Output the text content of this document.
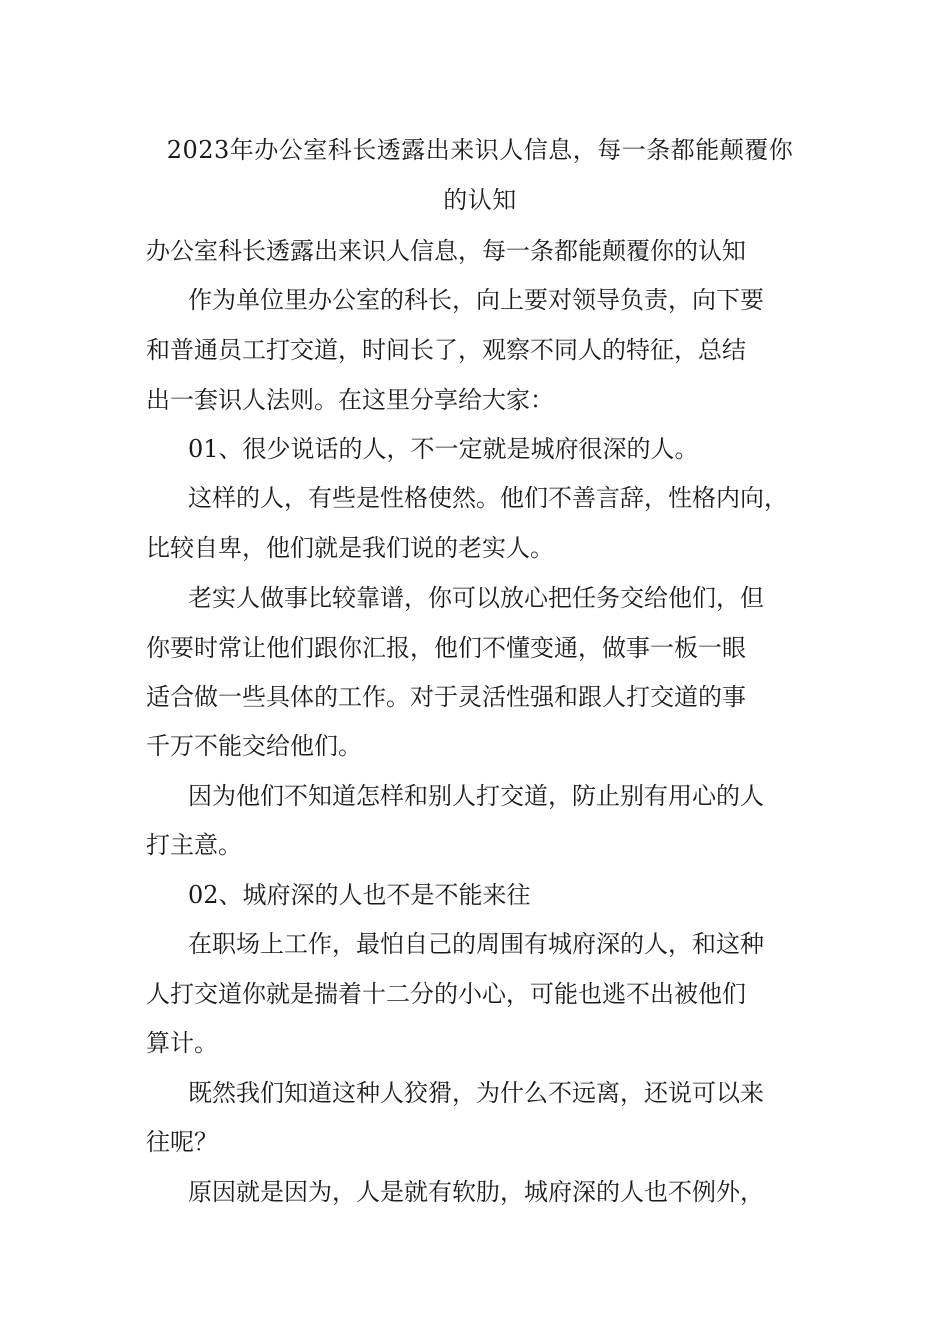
2023年办公室科长透露出来识人信息，每一条都能颠覆你
的认知

办公室科长透露出来识人信息，每一条都能颠覆你的认知

作为单位里办公室的科长，向上要对领导负责，向下要

和普通员工打交道，时间长了，观察不同人的特征，总结

出一套识人法则。在这里分享给大家：

01、很少说话的人，不一定就是城府很深的人。

这样的人，有些是性格使然。他们不善言辞，性格内向，

比较自卑，他们就是我们说的老实人。

老实人做事比较靠谱，你可以放心把任务交给他们，但

你要时常让他们跟你汇报，他们不懂变通，做事一板一眼

适合做一些具体的工作。对于灵活性强和跟人打交道的事

千万不能交给他们。

因为他们不知道怎样和别人打交道，防止别有用心的人

打主意。

02、城府深的人也不是不能来往

在职场上工作，最怕自己的周围有城府深的人，和这种

人打交道你就是揣着十二分的小心，可能也逃不出被他们

算计。

既然我们知道这种人狡猾，为什么不远离，还说可以来

往呢？

原因就是因为，人是就有软肋，城府深的人也不例外，
